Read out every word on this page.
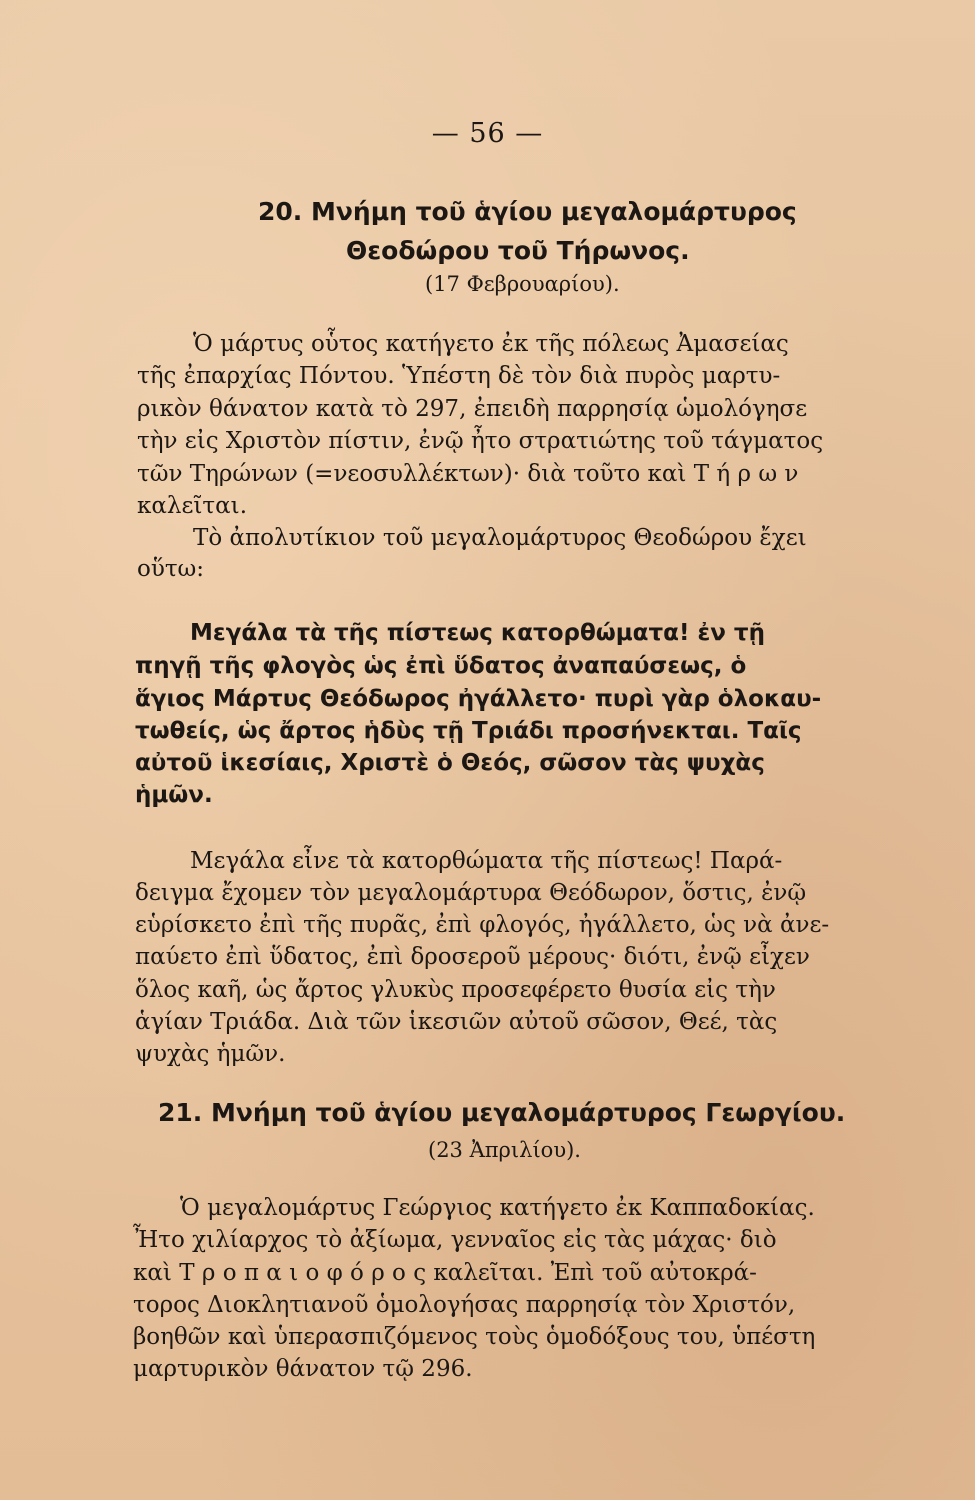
— 56 —
20. Μνήμη τοῦ ἁγίου μεγαλομάρτυρος
Θεοδώρου τοῦ Τήρωνος.
(17 Φεβρουαρίου).
Ὁ μάρτυς οὗτος κατήγετο ἐκ τῆς πόλεως Ἀμασείας
τῆς ἐπαρχίας Πόντου. Ὑπέστη δὲ τὸν διὰ πυρὸς μαρτυ-
ρικὸν θάνατον κατὰ τὸ 297, ἐπειδὴ παρρησίᾳ ὡμολόγησε
τὴν εἰς Χριστὸν πίστιν, ἐνῷ ἦτο στρατιώτης τοῦ τάγματος
τῶν Τηρώνων (=νεοσυλλέκτων)· διὰ τοῦτο καὶ Τ ή ρ ω ν
καλεῖται.
Τὸ ἀπολυτίκιον τοῦ μεγαλομάρτυρος Θεοδώρου ἔχει
οὕτω:
Μεγάλα τὰ τῆς πίστεως κατορθώματα! ἐν τῇ
πηγῇ τῆς φλογὸς ὡς ἐπὶ ὕδατος ἀναπαύσεως, ὁ
ἅγιος Μάρτυς Θεόδωρος ἠγάλλετο· πυρὶ γὰρ ὁλοκαυ-
τωθείς, ὡς ἄρτος ἡδὺς τῇ Τριάδι προσήνεκται. Ταῖς
αὐτοῦ ἱκεσίαις, Χριστὲ ὁ Θεός, σῶσον τὰς ψυχὰς
ἡμῶν.
Μεγάλα εἶνε τὰ κατορθώματα τῆς πίστεως! Παρά-
δειγμα ἔχομεν τὸν μεγαλομάρτυρα Θεόδωρον, ὅστις, ἐνῷ
εὑρίσκετο ἐπὶ τῆς πυρᾶς, ἐπὶ φλογός, ἠγάλλετο, ὡς νὰ ἀνε-
παύετο ἐπὶ ὕδατος, ἐπὶ δροσεροῦ μέρους· διότι, ἐνῷ εἶχεν
ὅλος καῆ, ὡς ἄρτος γλυκὺς προσεφέρετο θυσία εἰς τὴν
ἁγίαν Τριάδα. Διὰ τῶν ἱκεσιῶν αὐτοῦ σῶσον, Θεέ, τὰς
ψυχὰς ἡμῶν.
21. Μνήμη τοῦ ἁγίου μεγαλομάρτυρος Γεωργίου.
(23 Ἀπριλίου).
Ὁ μεγαλομάρτυς Γεώργιος κατήγετο ἐκ Καππαδοκίας.
Ἦτο χιλίαρχος τὸ ἀξίωμα, γενναῖος εἰς τὰς μάχας· διὸ
καὶ Τ ρ ο π α ι ο φ ό ρ ο ς καλεῖται. Ἐπὶ τοῦ αὐτοκρά-
τορος Διοκλητιανοῦ ὁμολογήσας παρρησίᾳ τὸν Χριστόν,
βοηθῶν καὶ ὑπερασπιζόμενος τοὺς ὁμοδόξους του, ὑπέστη
μαρτυρικὸν θάνατον τῷ 296.
